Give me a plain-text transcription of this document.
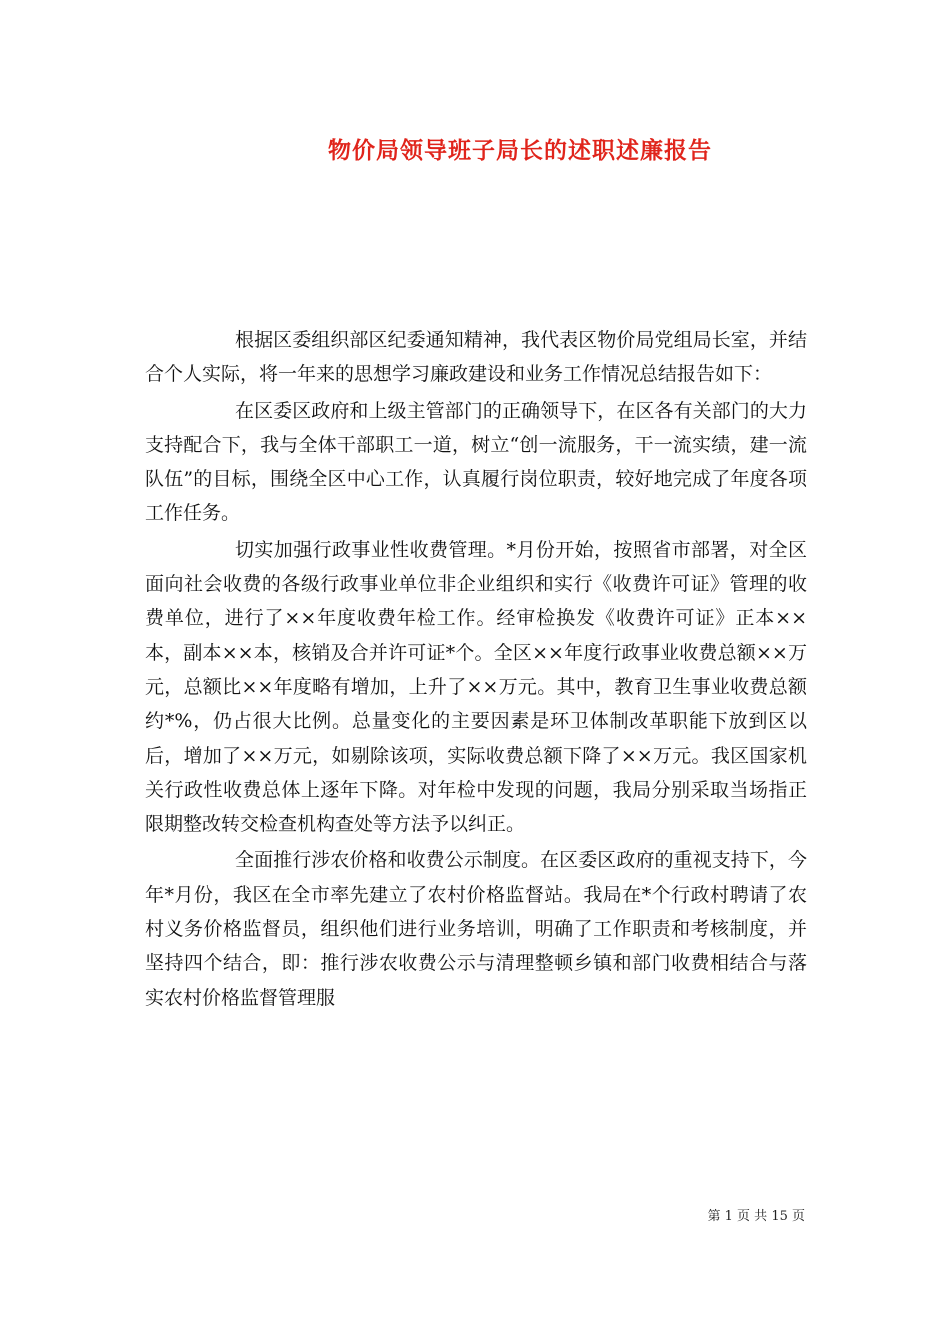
物价局领导班子局长的述职述廉报告

根据区委组织部区纪委通知精神，我代表区物价局党组局长室，并结合个人实际，将一年来的思想学习廉政建设和业务工作情况总结报告如下：

在区委区政府和上级主管部门的正确领导下，在区各有关部门的大力支持配合下，我与全体干部职工一道，树立“创一流服务，干一流实绩，建一流队伍”的目标，围绕全区中心工作，认真履行岗位职责，较好地完成了年度各项工作任务。

切实加强行政事业性收费管理。*月份开始，按照省市部署，对全区面向社会收费的各级行政事业单位非企业组织和实行《收费许可证》管理的收费单位，进行了××年度收费年检工作。经审检换发《收费许可证》正本××本，副本××本，核销及合并许可证*个。全区××年度行政事业收费总额××万元，总额比××年度略有增加，上升了××万元。其中，教育卫生事业收费总额约*%，仍占很大比例。总量变化的主要因素是环卫体制改革职能下放到区以后，增加了××万元，如剔除该项，实际收费总额下降了××万元。我区国家机关行政性收费总体上逐年下降。对年检中发现的问题，我局分别采取当场指正限期整改转交检查机构查处等方法予以纠正。

全面推行涉农价格和收费公示制度。在区委区政府的重视支持下，今年*月份，我区在全市率先建立了农村价格监督站。我局在*个行政村聘请了农村义务价格监督员，组织他们进行业务培训，明确了工作职责和考核制度，并坚持四个结合，即：推行涉农收费公示与清理整顿乡镇和部门收费相结合与落实农村价格监督管理服

第 1 页 共 15 页
